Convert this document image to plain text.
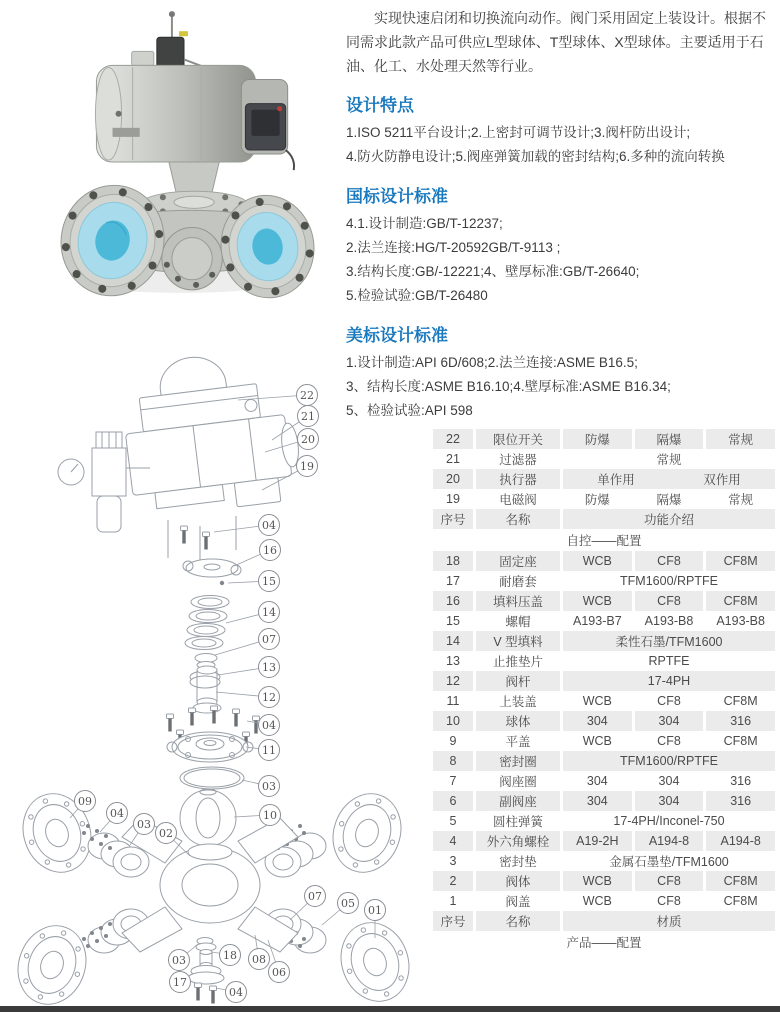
实现快速启闭和切换流向动作。阀门采用固定上装设计。根据不同需求此款产品可供应L型球体、T型球体、X型球体。主要适用于石油、化工、水处理天然等行业。

设计特点
1.ISO 5211平台设计;2.上密封可调节设计;3.阀杆防出设计;
4.防火防静电设计;5.阀座弹簧加载的密封结构;6.多种的流向转换
国标设计标准
4.1.设计制造:GB/T-12237;
2.法兰连接:HG/T-20592GB/T-9113 ;
3.结构长度:GB/-12221;4、壁厚标准:GB/T-26640;
5.检验试验:GB/T-26480
美标设计标准
1.设计制造:API 6D/608;2.法兰连接:ASME B16.5;
3、结构长度:ASME B16.10;4.壁厚标准:ASME B16.34;
5、检验试验:API 598
22
21
20
19
04
16
15
14
07
13
12
04
11
03
10
09
04
03
02
07
05
01
03	18 08
06
17
04
22	限位开关	防爆	隔爆	常规
21	过滤器	常规		
20	执行器	单作用 双作用		
19	电磁阀	防爆	隔爆	常规
序号	名称	功能介绍		
自控——配置				
18	固定座	WCB	CF8	CF8M
17	耐磨套	TFM1600/RPTFE		
16	填料压盖	WCB	CF8	CF8M
15	螺帽	A193-B7	A193-B8	A193-B8
14	V 型填料	柔性石墨/TFM1600		
13	止推垫片	RPTFE		
12	阀杆	17-4PH		
11	上装盖	WCB	CF8	CF8M
10	球体	304	304	316
9	平盖	WCB	CF8	CF8M
8	密封圈	TFM1600/RPTFE		
7	阀座圈	304	304	316
6	副阀座	304	304	316
5	圆柱弹簧	17-4PH/Inconel-750		
4	外六角螺栓	A19-2H	A194-8	A194-8
3	密封垫	金属石墨垫/TFM1600		
2	阀体	WCB	CF8	CF8M
1	阀盖	WCB	CF8	CF8M
序号	名称	材质		
产品——配置				
